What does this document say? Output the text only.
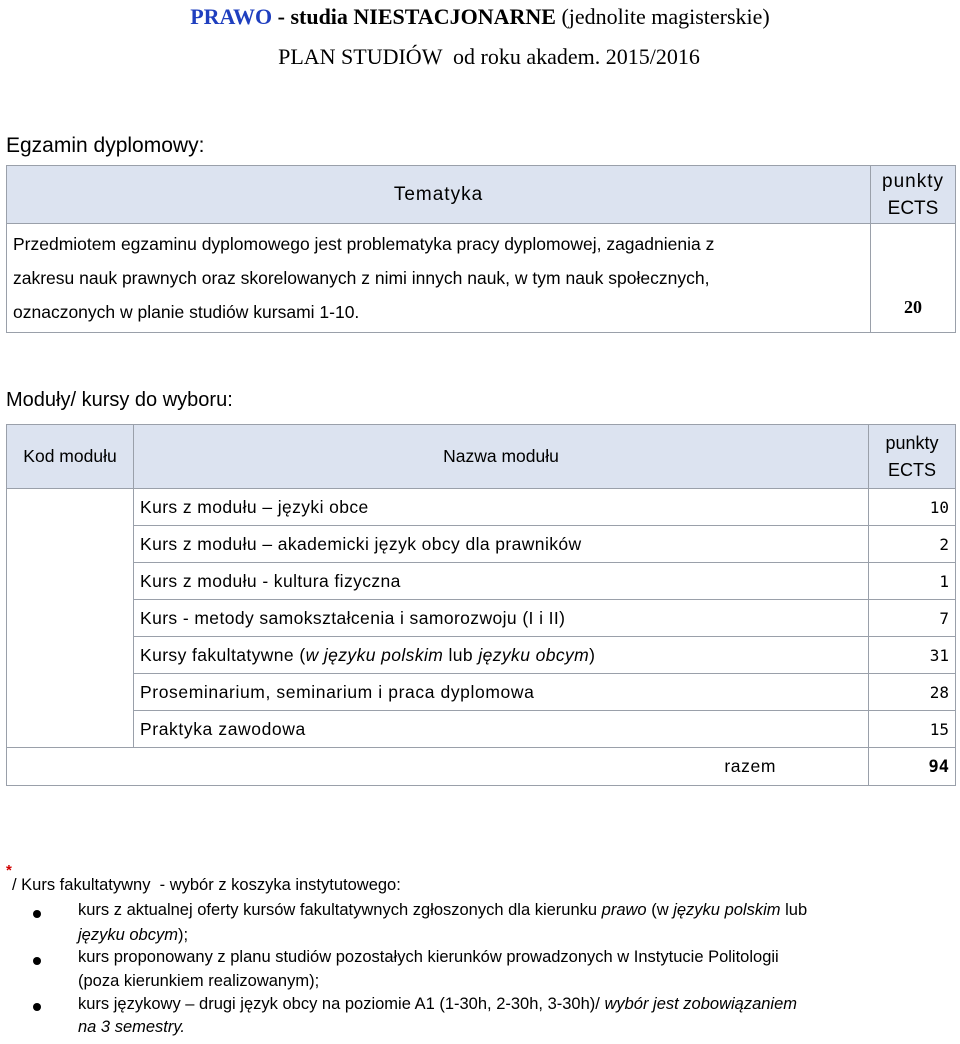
PRAWO - studia NIESTACJONARNE (jednolite magisterskie)
PLAN STUDIÓW  od roku akadem. 2015/2016
Egzamin dyplomowy:
Tematyka	punkty
ECTS

Przedmiotem egzaminu dyplomowego jest problematyka pracy dyplomowej, zagadnienia z
zakresu nauk prawnych oraz skorelowanych z nimi innych nauk, w tym nauk społecznych,
oznaczonych w planie studiów kursami 1-10.	20
Moduły/ kursy do wyboru:
Kod modułu	Nazwa modułu	punkty
ECTS

	Kurs z modułu – języki obce	10
	Kurs z modułu – akademicki język obcy dla prawników	2
	Kurs z modułu - kultura fizyczna	1
	Kurs - metody samokształcenia i samorozwoju (I i II)	7
	Kursy fakultatywne (w języku polskim lub języku obcym)	31
	Proseminarium, seminarium i praca dyplomowa	28
	Praktyka zawodowa	15
razem		94
*
/ Kurs fakultatywny  - wybór z koszyka instytutowego:
kurs z aktualnej oferty kursów fakultatywnych zgłoszonych dla kierunku prawo (w języku polskim lub
języku obcym);
kurs proponowany z planu studiów pozostałych kierunków prowadzonych w Instytucie Politologii
(poza kierunkiem realizowanym);
kurs językowy – drugi język obcy na poziomie A1 (1-30h, 2-30h, 3-30h)/ wybór jest zobowiązaniem
na 3 semestry.
